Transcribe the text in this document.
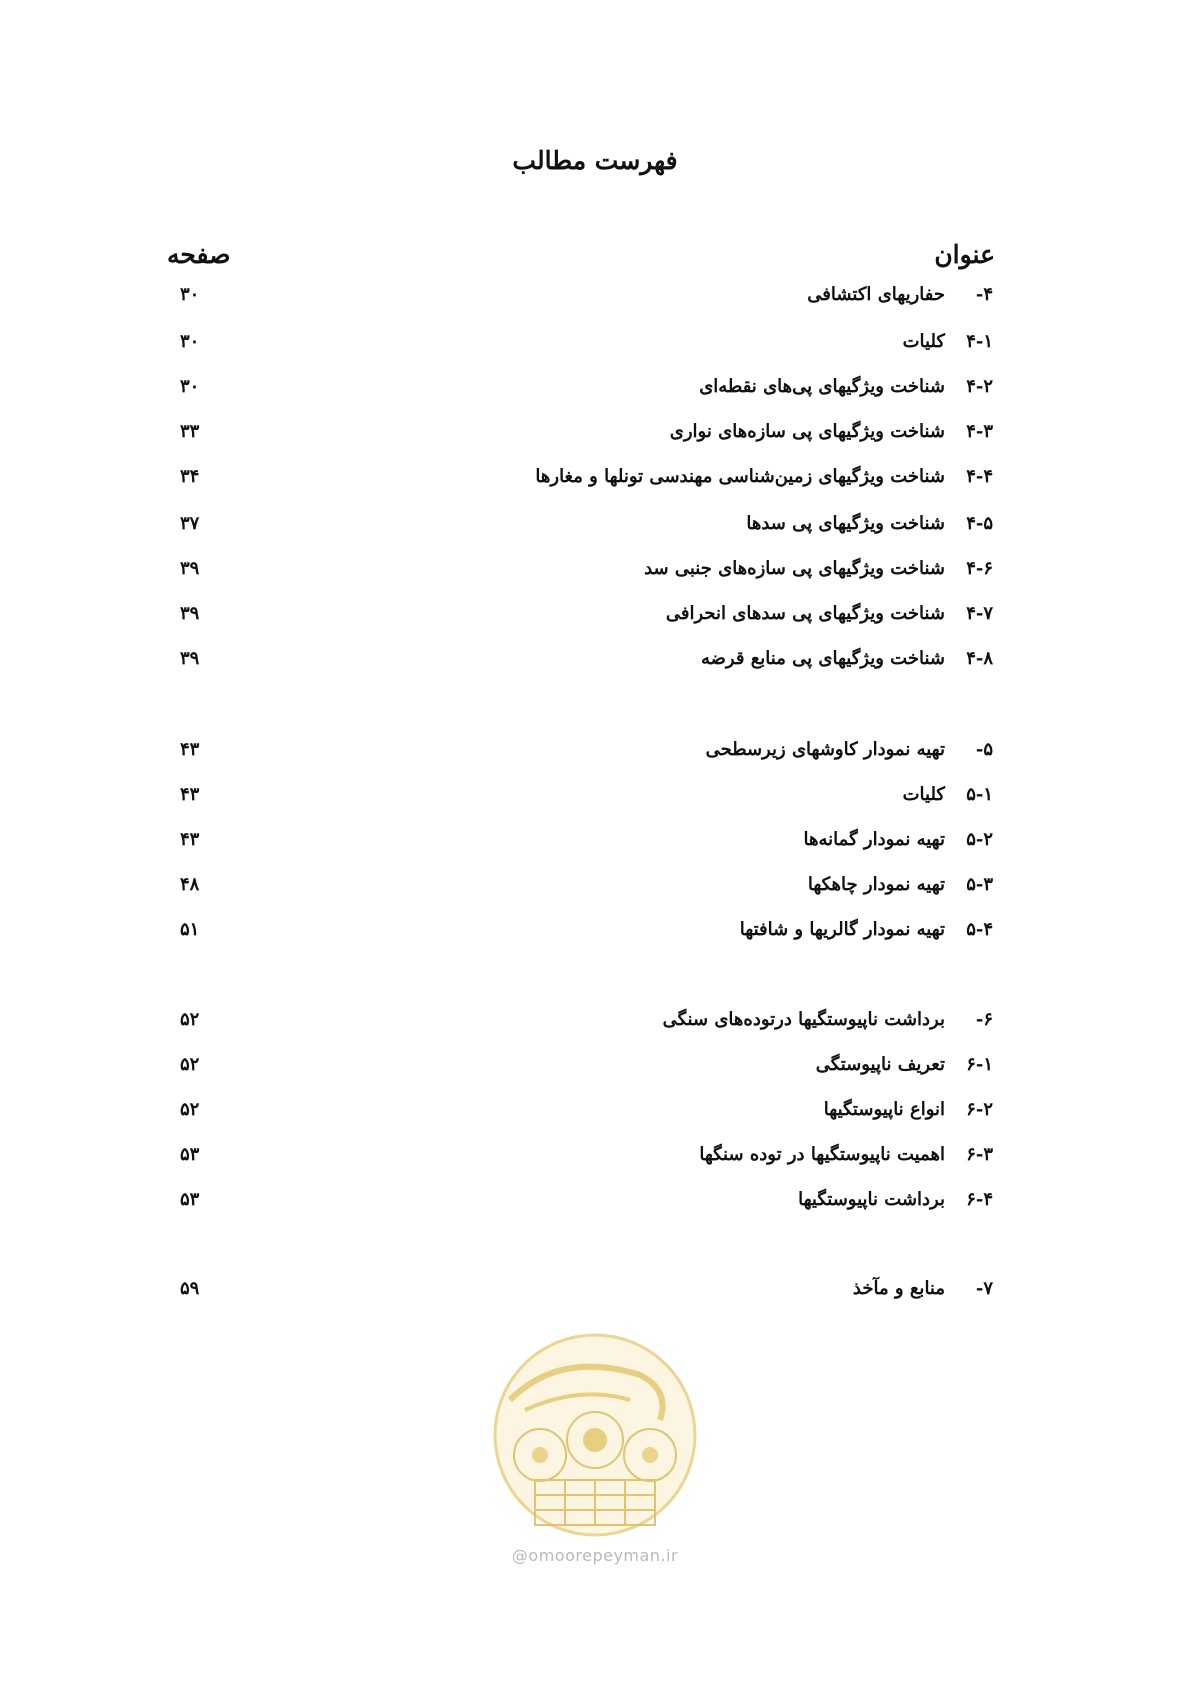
فهرست مطالب
عنوان
صفحه
۴-
حفاریهای اکتشافی
۳۰
۴-۱
کلیات
۳۰
۴-۲
شناخت ویژگیهای پی‌های نقطه‌ای
۳۰
۴-۳
شناخت ویژگیهای پی سازه‌های نواری
۳۳
۴-۴
شناخت ویژگیهای زمین‌شناسی مهندسی تونلها و مغارها
۳۴
۴-۵
شناخت ویژگیهای پی سدها
۳۷
۴-۶
شناخت ویژگیهای پی سازه‌های جنبی سد
۳۹
۴-۷
شناخت ویژگیهای پی سدهای انحرافی
۳۹
۴-۸
شناخت ویژگیهای پی منابع قرضه
۳۹
۵-
تهیه نمودار کاوشهای زیرسطحی
۴۳
۵-۱
کلیات
۴۳
۵-۲
تهیه نمودار گمانه‌ها
۴۳
۵-۳
تهیه نمودار چاهکها
۴۸
۵-۴
تهیه نمودار گالریها و شافتها
۵۱
۶-
برداشت ناپیوستگیها درتوده‌های سنگی
۵۲
۶-۱
تعریف ناپیوستگی
۵۲
۶-۲
انواع ناپیوستگیها
۵۲
۶-۳
اهمیت ناپیوستگیها در توده سنگها
۵۳
۶-۴
برداشت ناپیوستگیها
۵۳
۷-
منابع و مآخذ
۵۹
@omoorepeyman.ir
